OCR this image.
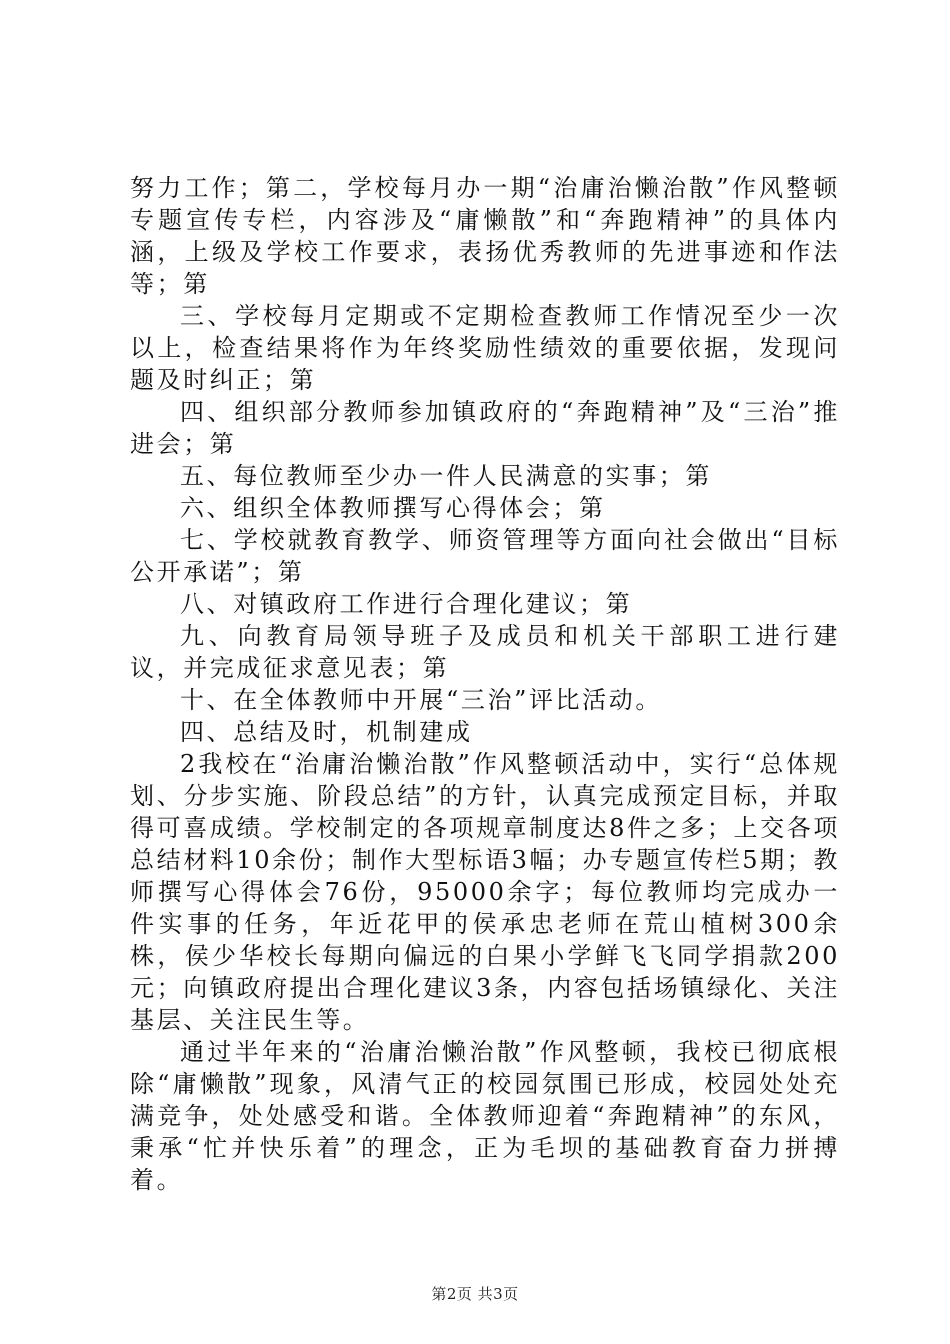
努力工作；第二，学校每月办一期“治庸治懒治散”作风整顿专题宣传专栏，内容涉及“庸懒散”和“奔跑精神”的具体内涵，上级及学校工作要求，表扬优秀教师的先进事迹和作法等；第

三、学校每月定期或不定期检查教师工作情况至少一次以上，检查结果将作为年终奖励性绩效的重要依据，发现问题及时纠正；第

四、组织部分教师参加镇政府的“奔跑精神”及“三治”推进会；第

五、每位教师至少办一件人民满意的实事；第

六、组织全体教师撰写心得体会；第

七、学校就教育教学、师资管理等方面向社会做出“目标公开承诺”；第

八、对镇政府工作进行合理化建议；第

九、向教育局领导班子及成员和机关干部职工进行建议，并完成征求意见表；第

十、在全体教师中开展“三治”评比活动。

四、总结及时，机制建成

2我校在“治庸治懒治散”作风整顿活动中，实行“总体规划、分步实施、阶段总结”的方针，认真完成预定目标，并取得可喜成绩。学校制定的各项规章制度达8件之多；上交各项总结材料10余份；制作大型标语3幅；办专题宣传栏5期；教师撰写心得体会76份，95000余字；每位教师均完成办一件实事的任务，年近花甲的侯承忠老师在荒山植树300余株，侯少华校长每期向偏远的白果小学鲜飞飞同学捐款200元；向镇政府提出合理化建议3条，内容包括场镇绿化、关注基层、关注民生等。

通过半年来的“治庸治懒治散”作风整顿，我校已彻底根除“庸懒散”现象，风清气正的校园氛围已形成，校园处处充满竞争，处处感受和谐。全体教师迎着“奔跑精神”的东风，秉承“忙并快乐着”的理念，正为毛坝的基础教育奋力拼搏着。

第2页 共3页
